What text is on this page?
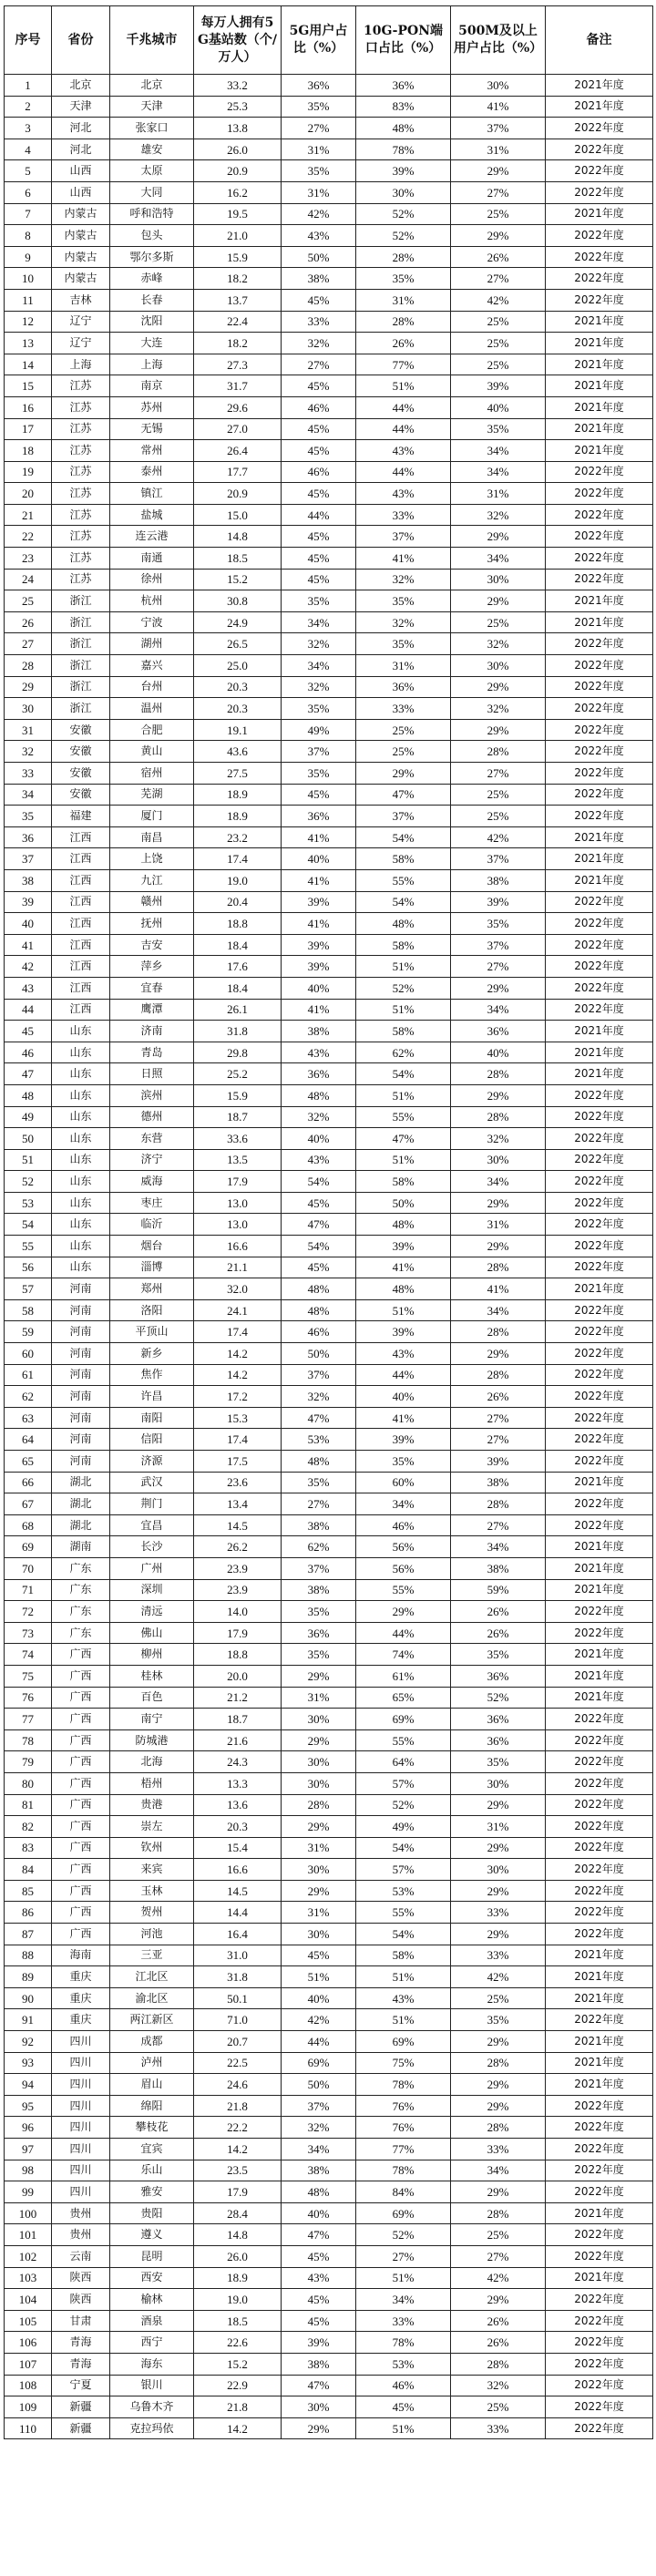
序号	省份	千兆城市	每万人拥有5G基站数（个/万人）	5G用户占比（%）	10G-PON端口占比（%）	500M及以上用户占比（%）	备注
1	北京	北京	33.2	36%	36%	30%	2021年度
2	天津	天津	25.3	35%	83%	41%	2021年度
3	河北	张家口	13.8	27%	48%	37%	2022年度
4	河北	雄安	26.0	31%	78%	31%	2022年度
5	山西	太原	20.9	35%	39%	29%	2022年度
6	山西	大同	16.2	31%	30%	27%	2022年度
7	内蒙古	呼和浩特	19.5	42%	52%	25%	2021年度
8	内蒙古	包头	21.0	43%	52%	29%	2022年度
9	内蒙古	鄂尔多斯	15.9	50%	28%	26%	2022年度
10	内蒙古	赤峰	18.2	38%	35%	27%	2022年度
11	吉林	长春	13.7	45%	31%	42%	2022年度
12	辽宁	沈阳	22.4	33%	28%	25%	2021年度
13	辽宁	大连	18.2	32%	26%	25%	2021年度
14	上海	上海	27.3	27%	77%	25%	2021年度
15	江苏	南京	31.7	45%	51%	39%	2021年度
16	江苏	苏州	29.6	46%	44%	40%	2021年度
17	江苏	无锡	27.0	45%	44%	35%	2021年度
18	江苏	常州	26.4	45%	43%	34%	2021年度
19	江苏	泰州	17.7	46%	44%	34%	2022年度
20	江苏	镇江	20.9	45%	43%	31%	2022年度
21	江苏	盐城	15.0	44%	33%	32%	2022年度
22	江苏	连云港	14.8	45%	37%	29%	2022年度
23	江苏	南通	18.5	45%	41%	34%	2022年度
24	江苏	徐州	15.2	45%	32%	30%	2022年度
25	浙江	杭州	30.8	35%	35%	29%	2021年度
26	浙江	宁波	24.9	34%	32%	25%	2021年度
27	浙江	湖州	26.5	32%	35%	32%	2022年度
28	浙江	嘉兴	25.0	34%	31%	30%	2022年度
29	浙江	台州	20.3	32%	36%	29%	2022年度
30	浙江	温州	20.3	35%	33%	32%	2022年度
31	安徽	合肥	19.1	49%	25%	29%	2022年度
32	安徽	黄山	43.6	37%	25%	28%	2022年度
33	安徽	宿州	27.5	35%	29%	27%	2022年度
34	安徽	芜湖	18.9	45%	47%	25%	2022年度
35	福建	厦门	18.9	36%	37%	25%	2022年度
36	江西	南昌	23.2	41%	54%	42%	2021年度
37	江西	上饶	17.4	40%	58%	37%	2021年度
38	江西	九江	19.0	41%	55%	38%	2021年度
39	江西	赣州	20.4	39%	54%	39%	2022年度
40	江西	抚州	18.8	41%	48%	35%	2022年度
41	江西	吉安	18.4	39%	58%	37%	2022年度
42	江西	萍乡	17.6	39%	51%	27%	2022年度
43	江西	宜春	18.4	40%	52%	29%	2022年度
44	江西	鹰潭	26.1	41%	51%	34%	2022年度
45	山东	济南	31.8	38%	58%	36%	2021年度
46	山东	青岛	29.8	43%	62%	40%	2021年度
47	山东	日照	25.2	36%	54%	28%	2021年度
48	山东	滨州	15.9	48%	51%	29%	2022年度
49	山东	德州	18.7	32%	55%	28%	2022年度
50	山东	东营	33.6	40%	47%	32%	2022年度
51	山东	济宁	13.5	43%	51%	30%	2022年度
52	山东	威海	17.9	54%	58%	34%	2022年度
53	山东	枣庄	13.0	45%	50%	29%	2022年度
54	山东	临沂	13.0	47%	48%	31%	2022年度
55	山东	烟台	16.6	54%	39%	29%	2022年度
56	山东	淄博	21.1	45%	41%	28%	2022年度
57	河南	郑州	32.0	48%	48%	41%	2021年度
58	河南	洛阳	24.1	48%	51%	34%	2022年度
59	河南	平顶山	17.4	46%	39%	28%	2022年度
60	河南	新乡	14.2	50%	43%	29%	2022年度
61	河南	焦作	14.2	37%	44%	28%	2022年度
62	河南	许昌	17.2	32%	40%	26%	2022年度
63	河南	南阳	15.3	47%	41%	27%	2022年度
64	河南	信阳	17.4	53%	39%	27%	2022年度
65	河南	济源	17.5	48%	35%	39%	2022年度
66	湖北	武汉	23.6	35%	60%	38%	2021年度
67	湖北	荆门	13.4	27%	34%	28%	2022年度
68	湖北	宜昌	14.5	38%	46%	27%	2022年度
69	湖南	长沙	26.2	62%	56%	34%	2021年度
70	广东	广州	23.9	37%	56%	38%	2021年度
71	广东	深圳	23.9	38%	55%	59%	2021年度
72	广东	清远	14.0	35%	29%	26%	2022年度
73	广东	佛山	17.9	36%	44%	26%	2022年度
74	广西	柳州	18.8	35%	74%	35%	2021年度
75	广西	桂林	20.0	29%	61%	36%	2021年度
76	广西	百色	21.2	31%	65%	52%	2021年度
77	广西	南宁	18.7	30%	69%	36%	2022年度
78	广西	防城港	21.6	29%	55%	36%	2022年度
79	广西	北海	24.3	30%	64%	35%	2022年度
80	广西	梧州	13.3	30%	57%	30%	2022年度
81	广西	贵港	13.6	28%	52%	29%	2022年度
82	广西	崇左	20.3	29%	49%	31%	2022年度
83	广西	钦州	15.4	31%	54%	29%	2022年度
84	广西	来宾	16.6	30%	57%	30%	2022年度
85	广西	玉林	14.5	29%	53%	29%	2022年度
86	广西	贺州	14.4	31%	55%	33%	2022年度
87	广西	河池	16.4	30%	54%	29%	2022年度
88	海南	三亚	31.0	45%	58%	33%	2021年度
89	重庆	江北区	31.8	51%	51%	42%	2021年度
90	重庆	渝北区	50.1	40%	43%	25%	2021年度
91	重庆	两江新区	71.0	42%	51%	35%	2022年度
92	四川	成都	20.7	44%	69%	29%	2021年度
93	四川	泸州	22.5	69%	75%	28%	2021年度
94	四川	眉山	24.6	50%	78%	29%	2021年度
95	四川	绵阳	21.8	37%	76%	29%	2022年度
96	四川	攀枝花	22.2	32%	76%	28%	2022年度
97	四川	宜宾	14.2	34%	77%	33%	2022年度
98	四川	乐山	23.5	38%	78%	34%	2022年度
99	四川	雅安	17.9	48%	84%	29%	2022年度
100	贵州	贵阳	28.4	40%	69%	28%	2021年度
101	贵州	遵义	14.8	47%	52%	25%	2022年度
102	云南	昆明	26.0	45%	27%	27%	2022年度
103	陕西	西安	18.9	43%	51%	42%	2021年度
104	陕西	榆林	19.0	45%	34%	29%	2022年度
105	甘肃	酒泉	18.5	45%	33%	26%	2022年度
106	青海	西宁	22.6	39%	78%	26%	2022年度
107	青海	海东	15.2	38%	53%	28%	2022年度
108	宁夏	银川	22.9	47%	46%	32%	2022年度
109	新疆	乌鲁木齐	21.8	30%	45%	25%	2022年度
110	新疆	克拉玛依	14.2	29%	51%	33%	2022年度
